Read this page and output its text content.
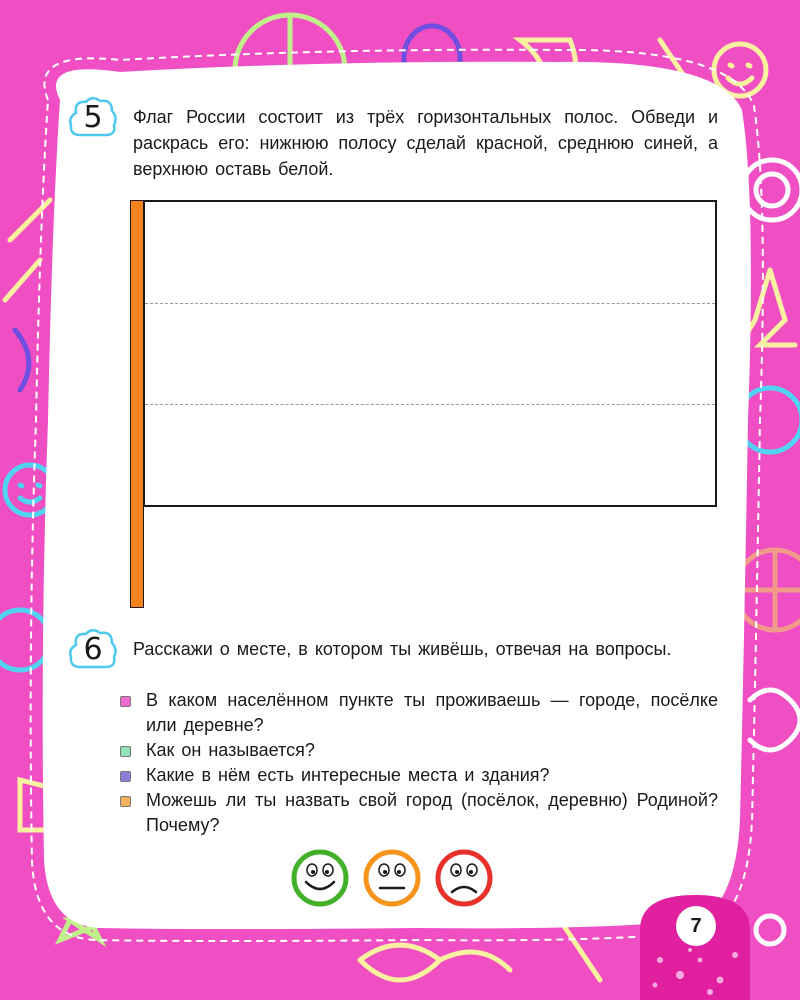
5	Флаг России состоит из трёх горизонтальных полос. Обведи и раскрась его: нижнюю полосу сделай красной, среднюю синей, а верхнюю оставь белой.
6	Расскажи о месте, в котором ты живёшь, отвечая на вопросы.
В каком населённом пункте ты проживаешь — городе, посёлке или деревне?
Как он называется?
Какие в нём есть интересные места и здания?
Можешь ли ты назвать свой город (посёлок, деревню) Родиной? Почему?
7
